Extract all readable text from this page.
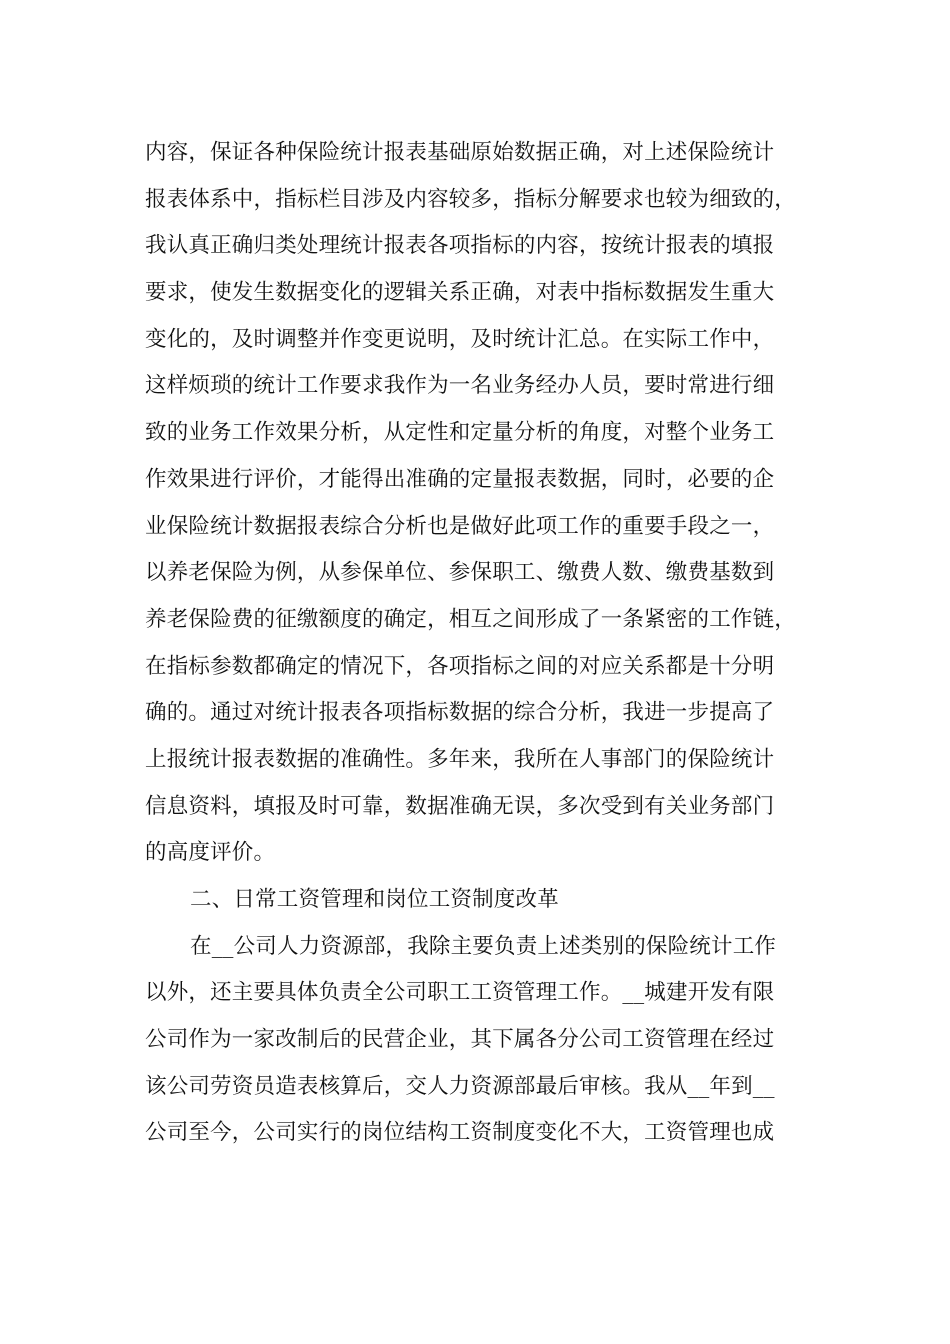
内容，保证各种保险统计报表基础原始数据正确，对上述保险统计
报表体系中，指标栏目涉及内容较多，指标分解要求也较为细致的，
我认真正确归类处理统计报表各项指标的内容，按统计报表的填报
要求，使发生数据变化的逻辑关系正确，对表中指标数据发生重大
变化的，及时调整并作变更说明，及时统计汇总。在实际工作中，
这样烦琐的统计工作要求我作为一名业务经办人员，要时常进行细
致的业务工作效果分析，从定性和定量分析的角度，对整个业务工
作效果进行评价，才能得出准确的定量报表数据，同时，必要的企
业保险统计数据报表综合分析也是做好此项工作的重要手段之一，
以养老保险为例，从参保单位、参保职工、缴费人数、缴费基数到
养老保险费的征缴额度的确定，相互之间形成了一条紧密的工作链，
在指标参数都确定的情况下，各项指标之间的对应关系都是十分明
确的。通过对统计报表各项指标数据的综合分析，我进一步提高了
上报统计报表数据的准确性。多年来，我所在人事部门的保险统计
信息资料，填报及时可靠，数据准确无误，多次受到有关业务部门
的高度评价。
二、日常工资管理和岗位工资制度改革
在__公司人力资源部，我除主要负责上述类别的保险统计工作
以外，还主要具体负责全公司职工工资管理工作。__城建开发有限
公司作为一家改制后的民营企业，其下属各分公司工资管理在经过
该公司劳资员造表核算后，交人力资源部最后审核。我从__年到__
公司至今，公司实行的岗位结构工资制度变化不大，工资管理也成
